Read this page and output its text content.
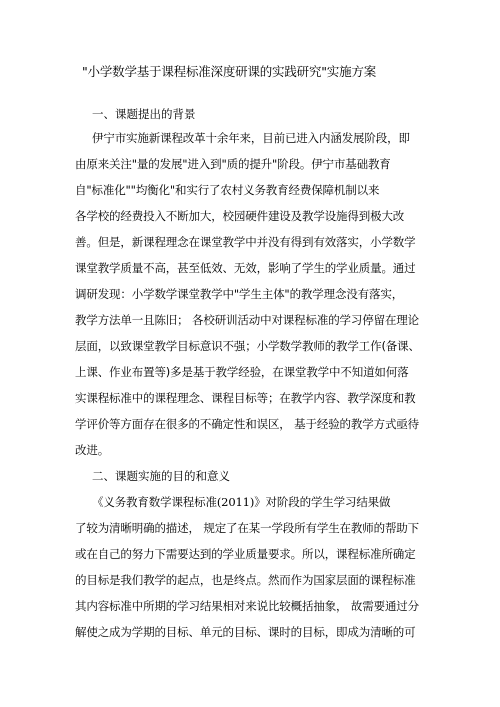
"小学数学基于课程标准深度研课的实践研究"实施方案
一、课题提出的背景
伊宁市实施新课程改革十余年来，目前已进入内涵发展阶段，即
由原来关注"量的发展"进入到"质的提升"阶段。伊宁市基础教育
自"标准化""均衡化"和实行了农村义务教育经费保障机制以来
各学校的经费投入不断加大，校园硬件建设及教学设施得到极大改
善。但是，新课程理念在课堂教学中并没有得到有效落实，小学数学
课堂教学质量不高，甚至低效、无效，影响了学生的学业质量。通过
调研发现：小学数学课堂教学中"学生主体"的教学理念没有落实，
教学方法单一且陈旧； 各校研训活动中对课程标准的学习停留在理论
层面，以致课堂教学目标意识不强；小学数学教师的教学工作(备课、
上课、作业布置等)多是基于教学经验，在课堂教学中不知道如何落
实课程标准中的课程理念、课程目标等；在教学内容、教学深度和教
学评价等方面存在很多的不确定性和误区， 基于经验的教学方式亟待
改进。
二、课题实施的目的和意义
《义务教育数学课程标准(2011)》对阶段的学生学习结果做
了较为清晰明确的描述， 规定了在某一学段所有学生在教师的帮助下
或在自己的努力下需要达到的学业质量要求。所以，课程标准所确定
的目标是我们教学的起点，也是终点。然而作为国家层面的课程标准
其内容标准中所期的学习结果相对来说比较概括抽象， 故需要通过分
解使之成为学期的目标、单元的目标、课时的目标，即成为清晰的可
